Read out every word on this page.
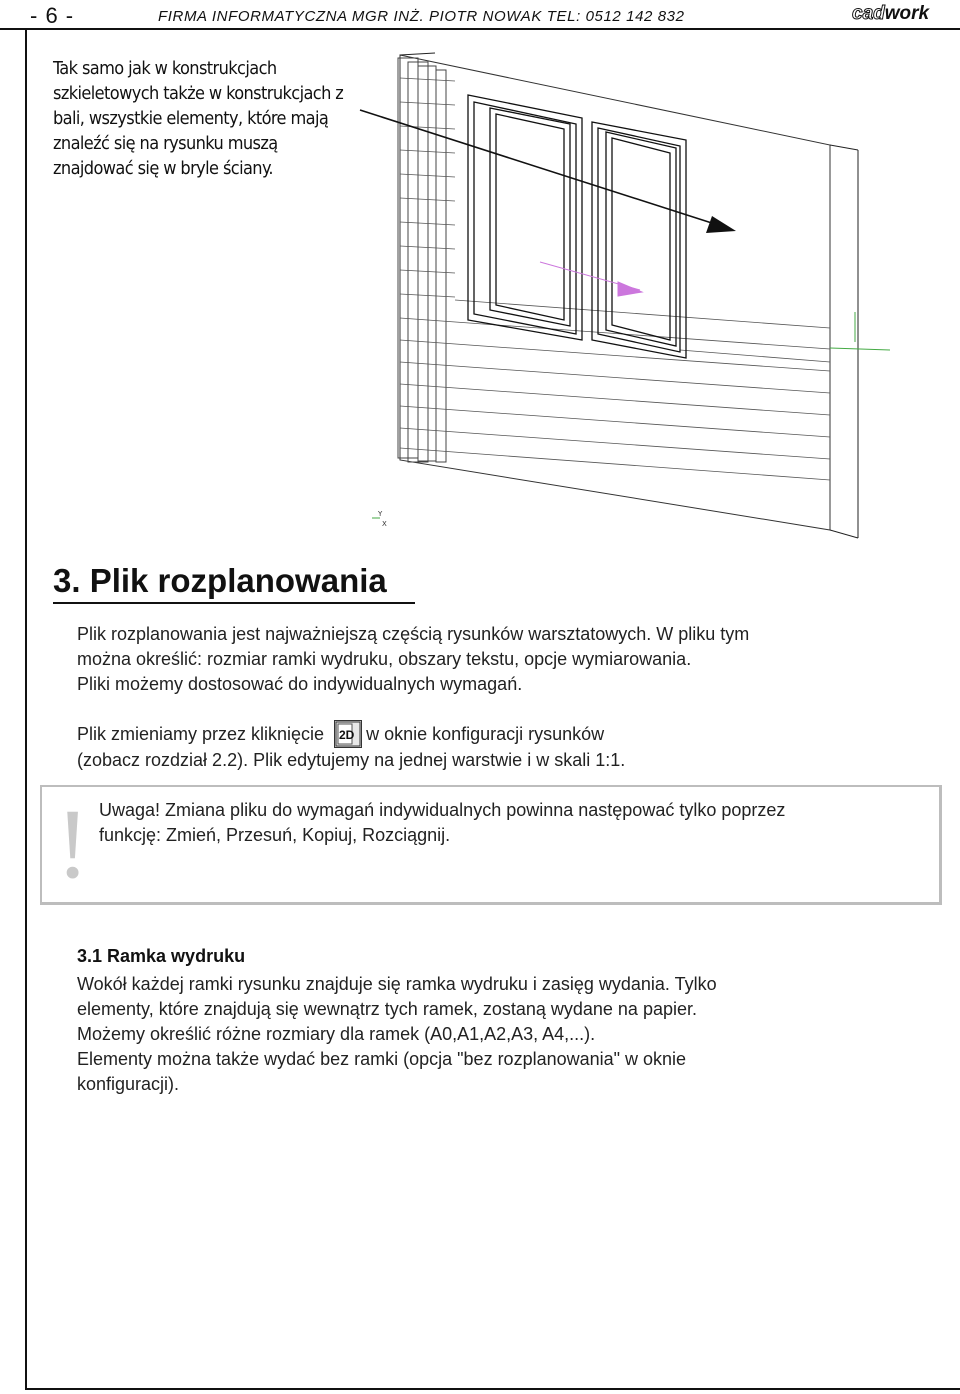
- 6 -	FIRMA INFORMATYCZNA MGR INŻ. PIOTR NOWAK TEL: 0512 142 832	cadwork
Tak samo jak w konstrukcjach
szkieletowych także w konstrukcjach z
bali, wszystkie elementy, które mają
znaleźć się na rysunku muszą
znajdować się w bryle ściany.
Y
X
3. Plik rozplanowania
Plik rozplanowania jest najważniejszą częścią rysunków warsztatowych. W pliku tym
można określić: rozmiar ramki wydruku, obszary tekstu, opcje wymiarowania.
Pliki możemy dostosować do indywidualnych wymagań.
Plik zmieniamy przez kliknięcie 2D w oknie konfiguracji rysunków
(zobacz rozdział 2.2). Plik edytujemy na jednej warstwie i w skali 1:1.
! Uwaga! Zmiana pliku do wymagań indywidualnych powinna następować tylko poprzez
funkcję: Zmień, Przesuń, Kopiuj, Rozciągnij.
3.1 Ramka wydruku
Wokół każdej ramki rysunku znajduje się ramka wydruku i zasięg wydania. Tylko
elementy, które znajdują się wewnątrz tych ramek, zostaną wydane na papier.
Możemy określić różne rozmiary dla ramek (A0,A1,A2,A3, A4,...).
Elementy można także wydać bez ramki (opcja "bez rozplanowania" w oknie
konfiguracji).
